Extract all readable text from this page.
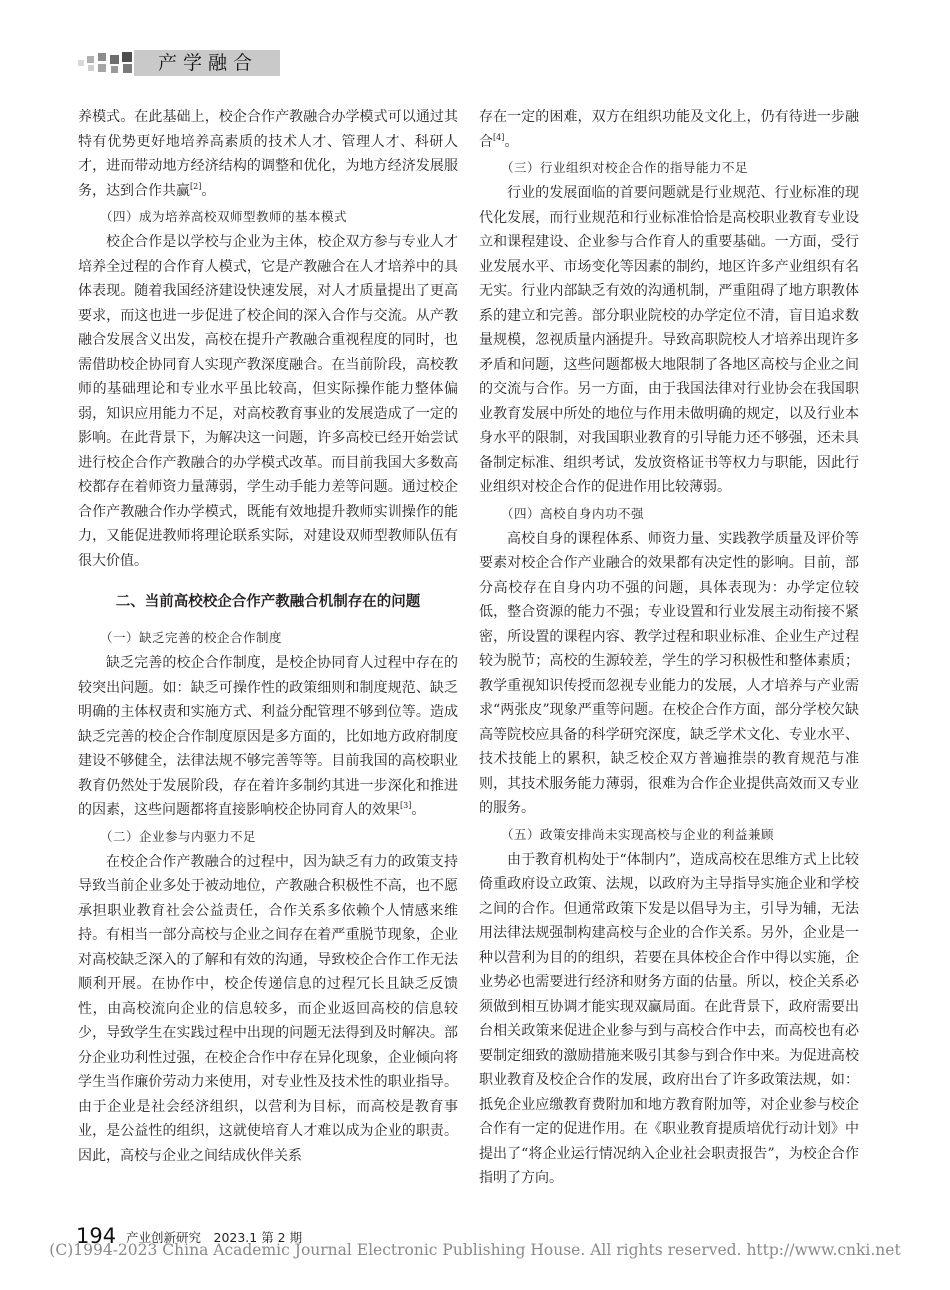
产学融合

养模式。在此基础上，校企合作产教融合办学模式可以通过其特有优势更好地培养高素质的技术人才、管理人才、科研人才，进而带动地方经济结构的调整和优化，为地方经济发展服务，达到合作共赢[2]。

（四）成为培养高校双师型教师的基本模式

校企合作是以学校与企业为主体，校企双方参与专业人才培养全过程的合作育人模式，它是产教融合在人才培养中的具体表现。随着我国经济建设快速发展，对人才质量提出了更高要求，而这也进一步促进了校企间的深入合作与交流。从产教融合发展含义出发，高校在提升产教融合重视程度的同时，也需借助校企协同育人实现产教深度融合。在当前阶段，高校教师的基础理论和专业水平虽比较高，但实际操作能力整体偏弱，知识应用能力不足，对高校教育事业的发展造成了一定的影响。在此背景下，为解决这一问题，许多高校已经开始尝试进行校企合作产教融合的办学模式改革。而目前我国大多数高校都存在着师资力量薄弱，学生动手能力差等问题。通过校企合作产教融合作办学模式，既能有效地提升教师实训操作的能力，又能促进教师将理论联系实际，对建设双师型教师队伍有很大价值。

二、当前高校校企合作产教融合机制存在的问题
（一）缺乏完善的校企合作制度

缺乏完善的校企合作制度，是校企协同育人过程中存在的较突出问题。如：缺乏可操作性的政策细则和制度规范、缺乏明确的主体权责和实施方式、利益分配管理不够到位等。造成缺乏完善的校企合作制度原因是多方面的，比如地方政府制度建设不够健全，法律法规不够完善等等。目前我国的高校职业教育仍然处于发展阶段，存在着许多制约其进一步深化和推进的因素，这些问题都将直接影响校企协同育人的效果[3]。

（二）企业参与内驱力不足

在校企合作产教融合的过程中，因为缺乏有力的政策支持导致当前企业多处于被动地位，产教融合积极性不高，也不愿承担职业教育社会公益责任，合作关系多依赖个人情感来维持。有相当一部分高校与企业之间存在着严重脱节现象，企业对高校缺乏深入的了解和有效的沟通，导致校企合作工作无法顺利开展。在协作中，校企传递信息的过程冗长且缺乏反馈性，由高校流向企业的信息较多，而企业返回高校的信息较少，导致学生在实践过程中出现的问题无法得到及时解决。部分企业功利性过强，在校企合作中存在异化现象，企业倾向将学生当作廉价劳动力来使用，对专业性及技术性的职业指导。由于企业是社会经济组织，以营利为目标，而高校是教育事业，是公益性的组织，这就使培育人才难以成为企业的职责。因此，高校与企业之间结成伙伴关系

存在一定的困难，双方在组织功能及文化上，仍有待进一步融合[4]。

（三）行业组织对校企合作的指导能力不足

行业的发展面临的首要问题就是行业规范、行业标准的现代化发展，而行业规范和行业标准恰恰是高校职业教育专业设立和课程建设、企业参与合作育人的重要基础。一方面，受行业发展水平、市场变化等因素的制约，地区许多产业组织有名无实。行业内部缺乏有效的沟通机制，严重阻碍了地方职教体系的建立和完善。部分职业院校的办学定位不清，盲目追求数量规模，忽视质量内涵提升。导致高职院校人才培养出现许多矛盾和问题，这些问题都极大地限制了各地区高校与企业之间的交流与合作。另一方面，由于我国法律对行业协会在我国职业教育发展中所处的地位与作用未做明确的规定，以及行业本身水平的限制，对我国职业教育的引导能力还不够强，还未具备制定标准、组织考试，发放资格证书等权力与职能，因此行业组织对校企合作的促进作用比较薄弱。

（四）高校自身内功不强

高校自身的课程体系、师资力量、实践教学质量及评价等要素对校企合作产业融合的效果都有决定性的影响。目前，部分高校存在自身内功不强的问题，具体表现为：办学定位较低，整合资源的能力不强；专业设置和行业发展主动衔接不紧密，所设置的课程内容、教学过程和职业标准、企业生产过程较为脱节；高校的生源较差，学生的学习积极性和整体素质；教学重视知识传授而忽视专业能力的发展，人才培养与产业需求“两张皮”现象严重等问题。在校企合作方面，部分学校欠缺高等院校应具备的科学研究深度，缺乏学术文化、专业水平、技术技能上的累积，缺乏校企双方普遍推崇的教育规范与准则，其技术服务能力薄弱，很难为合作企业提供高效而又专业的服务。

（五）政策安排尚未实现高校与企业的利益兼顾

由于教育机构处于“体制内”，造成高校在思维方式上比较倚重政府设立政策、法规，以政府为主导指导实施企业和学校之间的合作。但通常政策下发是以倡导为主，引导为辅，无法用法律法规强制构建高校与企业的合作关系。另外，企业是一种以营利为目的的组织，若要在具体校企合作中得以实施，企业势必也需要进行经济和财务方面的估量。所以，校企关系必须做到相互协调才能实现双赢局面。在此背景下，政府需要出台相关政策来促进企业参与到与高校合作中去，而高校也有必要制定细致的激励措施来吸引其参与到合作中来。为促进高校职业教育及校企合作的发展，政府出台了许多政策法规，如：抵免企业应缴教育费附加和地方教育附加等，对企业参与校企合作有一定的促进作用。在《职业教育提质培优行动计划》中提出了“将企业运行情况纳入企业社会职责报告”，为校企合作指明了方向。

194 产业创新研究　2023.1 第 2 期
(C)1994-2023 China Academic Journal Electronic Publishing House. All rights reserved. http://www.cnki.net
